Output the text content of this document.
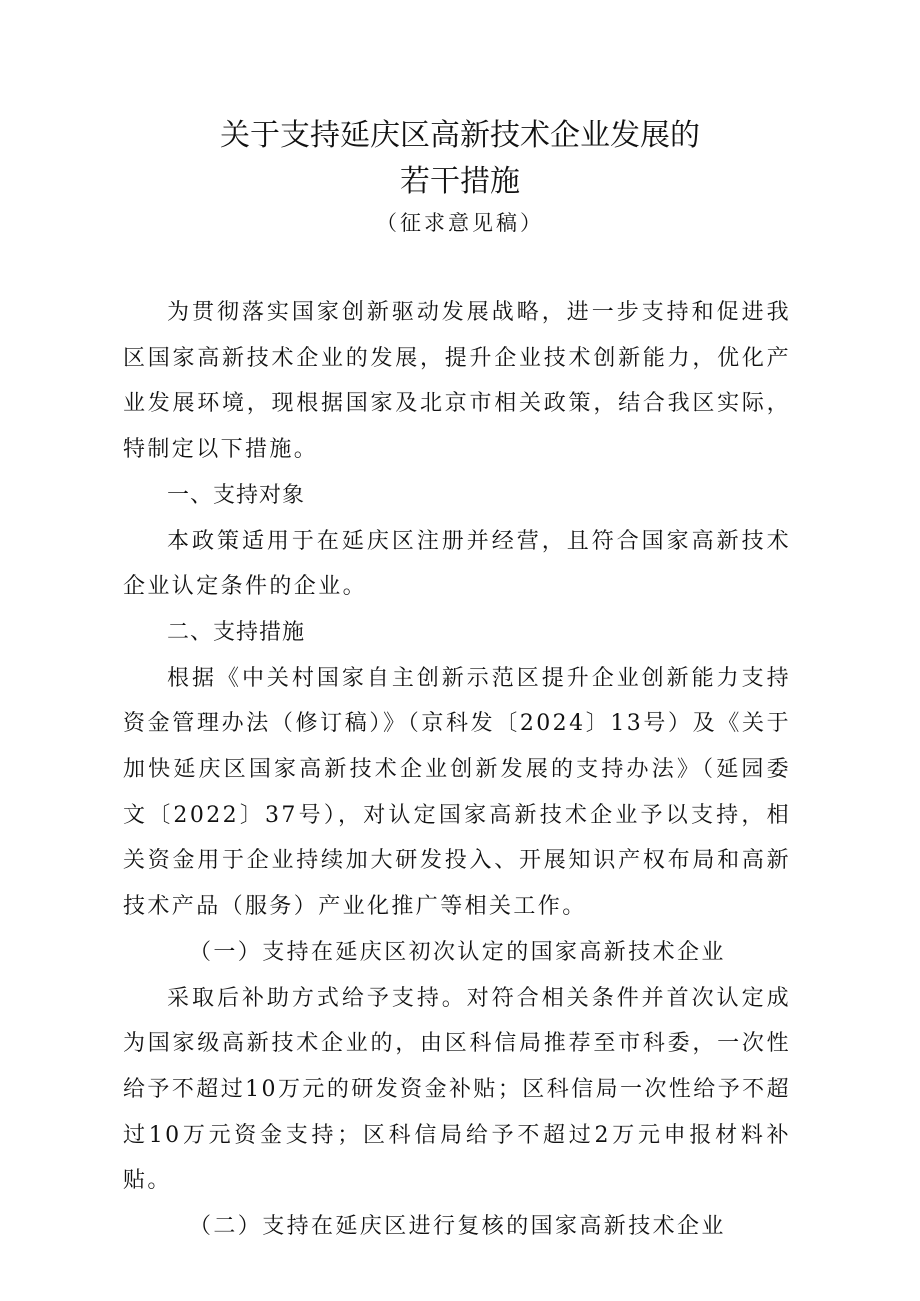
关于支持延庆区高新技术企业发展的
若干措施
（征求意见稿）

为贯彻落实国家创新驱动发展战略，进一步支持和促进我区国家高新技术企业的发展，提升企业技术创新能力，优化产业发展环境，现根据国家及北京市相关政策，结合我区实际，特制定以下措施。

一、支持对象

本政策适用于在延庆区注册并经营，且符合国家高新技术企业认定条件的企业。

二、支持措施

根据《中关村国家自主创新示范区提升企业创新能力支持资金管理办法（修订稿）》（京科发〔2024〕13号）及《关于加快延庆区国家高新技术企业创新发展的支持办法》（延园委文〔2022〕37号），对认定国家高新技术企业予以支持，相关资金用于企业持续加大研发投入、开展知识产权布局和高新技术产品（服务）产业化推广等相关工作。

（一）支持在延庆区初次认定的国家高新技术企业

采取后补助方式给予支持。对符合相关条件并首次认定成为国家级高新技术企业的，由区科信局推荐至市科委，一次性给予不超过10万元的研发资金补贴；区科信局一次性给予不超过10万元资金支持；区科信局给予不超过2万元申报材料补贴。

（二）支持在延庆区进行复核的国家高新技术企业
